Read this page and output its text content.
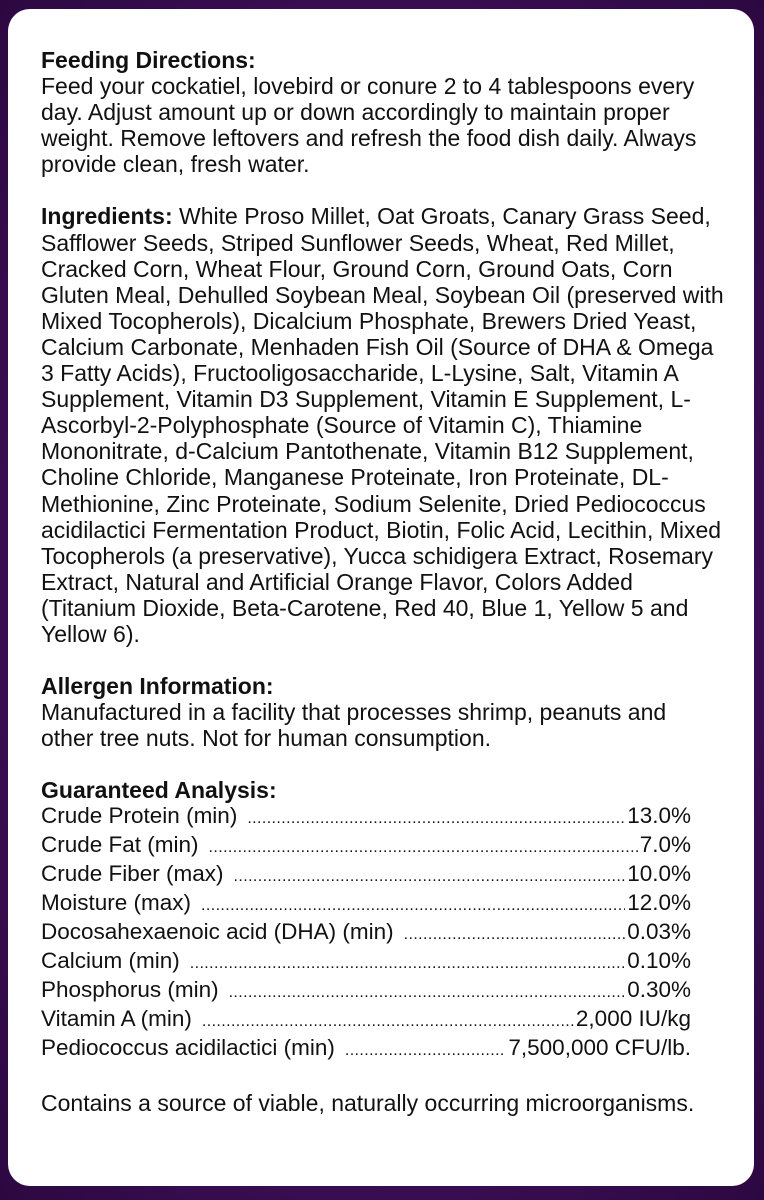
Feeding Directions:
Feed your cockatiel, lovebird or conure 2 to 4 tablespoons every day. Adjust amount up or down accordingly to maintain proper weight. Remove leftovers and refresh the food dish daily. Always provide clean, fresh water.

Ingredients: White Proso Millet, Oat Groats, Canary Grass Seed, Safflower Seeds, Striped Sunflower Seeds, Wheat, Red Millet, Cracked Corn, Wheat Flour, Ground Corn, Ground Oats, Corn Gluten Meal, Dehulled Soybean Meal, Soybean Oil (preserved with Mixed Tocopherols), Dicalcium Phosphate, Brewers Dried Yeast, Calcium Carbonate, Menhaden Fish Oil (Source of DHA & Omega 3 Fatty Acids), Fructooligosaccharide, L-Lysine, Salt, Vitamin A Supplement, Vitamin D3 Supplement, Vitamin E Supplement, L-Ascorbyl-2-Polyphosphate (Source of Vitamin C), Thiamine Mononitrate, d-Calcium Pantothenate, Vitamin B12 Supplement, Choline Chloride, Manganese Proteinate, Iron Proteinate, DL-Methionine, Zinc Proteinate, Sodium Selenite, Dried Pediococcus acidilactici Fermentation Product, Biotin, Folic Acid, Lecithin, Mixed Tocopherols (a preservative), Yucca schidigera Extract, Rosemary Extract, Natural and Artificial Orange Flavor, Colors Added (Titanium Dioxide, Beta-Carotene, Red 40, Blue 1, Yellow 5 and Yellow 6).

Allergen Information:
Manufactured in a facility that processes shrimp, peanuts and other tree nuts. Not for human consumption.

Guaranteed Analysis:

Crude Protein (min) .....	13.0%
Crude Fat (min) .....	7.0%
Crude Fiber (max) .....	10.0%
Moisture (max) .....	12.0%
Docosahexaenoic acid (DHA) (min) .....	0.03%
Calcium (min) .....	0.10%
Phosphorus (min) .....	0.30%
Vitamin A (min) .....	2,000 IU/kg
Pediococcus acidilactici (min) .....	7,500,000 CFU/lb.

Contains a source of viable, naturally occurring microorganisms.
